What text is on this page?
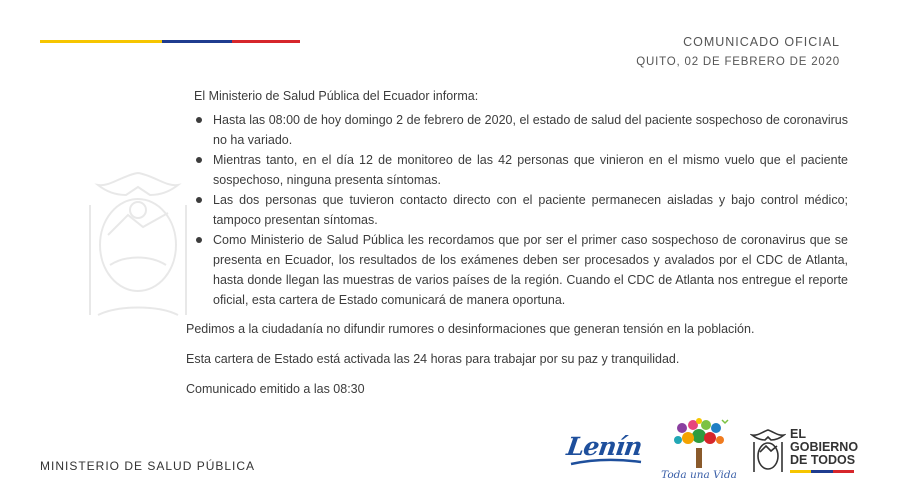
COMUNICADO OFICIAL
QUITO, 02 DE FEBRERO DE 2020

El Ministerio de Salud Pública del Ecuador informa:

Hasta las 08:00 de hoy domingo 2 de febrero de 2020, el estado de salud del paciente sospechoso de coronavirus no ha variado.
Mientras tanto, en el día 12 de monitoreo de las 42 personas que vinieron en el mismo vuelo que el paciente sospechoso, ninguna presenta síntomas.
Las dos personas que tuvieron contacto directo con el paciente permanecen aisladas y bajo control médico; tampoco presentan síntomas.
Como Ministerio de Salud Pública les recordamos que por ser el primer caso sospechoso de coronavirus que se presenta en Ecuador, los resultados de los exámenes deben ser procesados y avalados por el CDC de Atlanta, hasta donde llegan las muestras de varios países de la región. Cuando el CDC de Atlanta nos entregue el reporte oficial, esta cartera de Estado comunicará de manera oportuna.

Pedimos a la ciudadanía no difundir rumores o desinformaciones que generan tensión en la población.

Esta cartera de Estado está activada las 24 horas para trabajar por su paz y tranquilidad.

Comunicado emitido a las 08:30

MINISTERIO DE SALUD PÚBLICA
Lenín
Toda una Vida
EL
GOBIERNO
DE TODOS
